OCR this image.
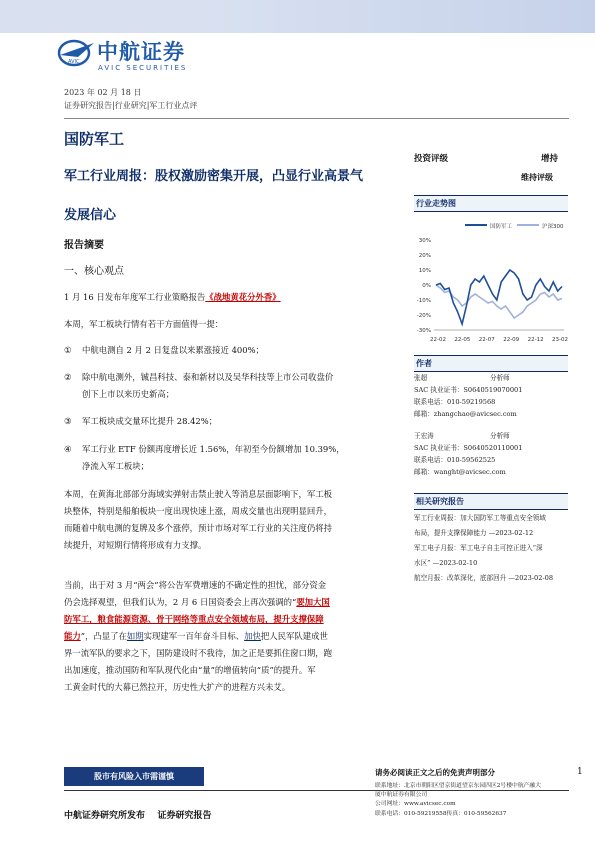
AVIC 中航证券
AVIC SECURITIES
2023 年 02 月 18 日
证券研究报告|行业研究|军工行业点评
国防军工
军工行业周报：股权激励密集开展，凸显行业高景气
发展信心
报告摘要
一、核心观点
1 月 16 日发布年度军工行业策略报告《战地黄花分外香》
本周，军工板块行情有若干方面值得一提：
① 中航电测自 2 月 2 日复盘以来累涨接近 400%；
② 除中航电测外，铖昌科技、泰和新材以及吴华科技等上市公司收盘价
创下上市以来历史新高；
③ 军工板块成交量环比提升 28.42%；
④ 军工行业 ETF 份额再度增长近 1.56%，年初至今份额增加 10.39%，
净流入军工板块；

本周，在黄海北部部分海域实弹射击禁止驶入等消息层面影响下，军工板

块整体，特别是船舶板块一度出现快速上涨，周成交量也出现明显回升，

而随着中航电测的复牌及多个涨停，预计市场对军工行业的关注度仍将持

续提升，对短期行情将形成有力支撑。

当前，出于对 3 月“两会”将公告军费增速的不确定性的担忧，部分资金

仍会选择观望，但我们认为，2 月 6 日国资委会上再次强调的“要加大国

防军工，粮食能源资源、骨干网络等重点安全领域布局，提升支撑保障

能力”，凸显了在如期实现建军一百年奋斗目标、加快把人民军队建成世

界一流军队的要求之下，国防建设时不我待，加之正是要抓住窗口期，跑

出加速度，推动国防和军队现代化由“量”的增值转向“质”的提升。军

工黄金时代的大幕已然拉开，历史性大扩产的进程方兴未艾。

投资评级	增持
维持评级
行业走势图
国防军工	沪深300
30%
20%
10%
0%
-10%
-20%
-30%
22-02 22-05 22-07 22-09 22-12 23-02
作者
张超	分析师
SAC 执业证书：S0640519070001
联系电话：010-59219568
邮箱：zhangchao@avicsec.com
王宏涛	分析师
SAC 执业证书：S0640520110001
联系电话：010-59562525
邮箱：wanght@avicsec.com
相关研究报告
军工行业周报：加大国防军工等重点安全领域
布局，提升支撑保障能力 —2023-02-12
军工电子月报：军工电子自主可控正进入“深
水区” —2023-02-10
航空月报：改革深化，底部回升 —2023-02-08
股市有风险入市需谨慎	请务必阅读正文之后的免责声明部分	1
联系地址：北京市朝阳区望京街道望京东园四区2号楼中航产融大
厦中航证券有限公司
公司网址：www.avicsec.com
联系电话：010-59219558传真：010-59562637
中航证券研究所发布    证券研究报告
